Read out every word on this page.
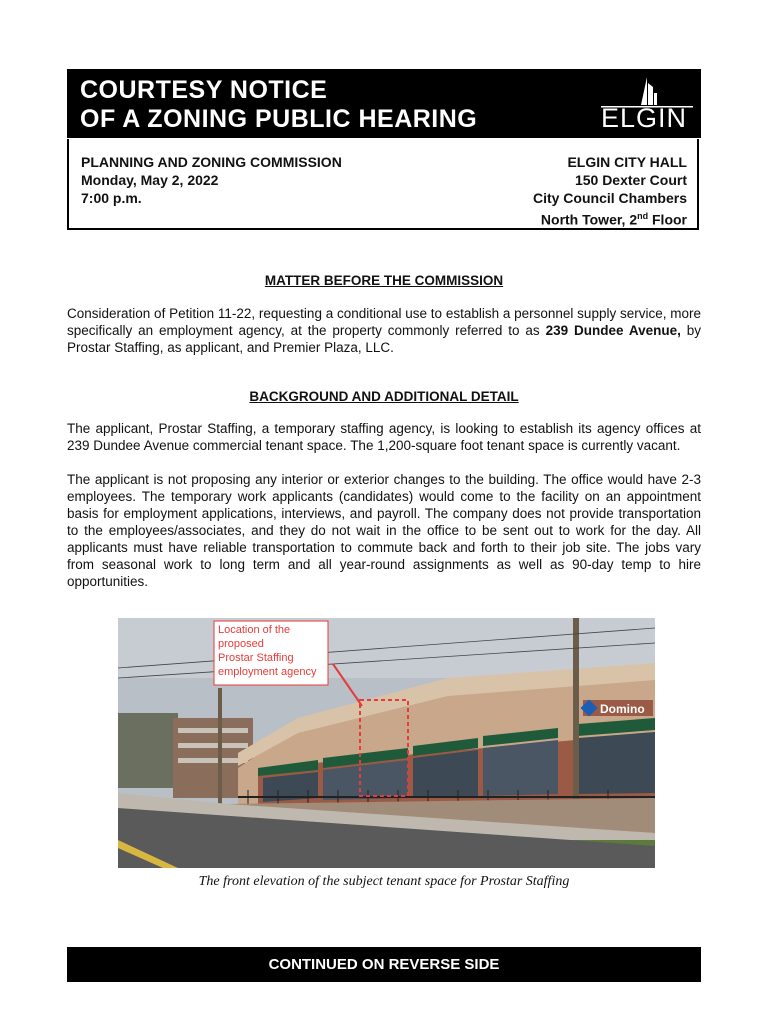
COURTESY NOTICE
OF A ZONING PUBLIC HEARING	ELGIN
PLANNING AND ZONING COMMISSION
Monday, May 2, 2022
7:00 p.m.
ELGIN CITY HALL
150 Dexter Court
City Council Chambers
North Tower, 2nd Floor
MATTER BEFORE THE COMMISSION
Consideration of Petition 11-22, requesting a conditional use to establish a personnel supply service, more specifically an employment agency, at the property commonly referred to as 239 Dundee Avenue, by Prostar Staffing, as applicant, and Premier Plaza, LLC.
BACKGROUND AND ADDITIONAL DETAIL
The applicant, Prostar Staffing, a temporary staffing agency, is looking to establish its agency offices at 239 Dundee Avenue commercial tenant space. The 1,200-square foot tenant space is currently vacant.
The applicant is not proposing any interior or exterior changes to the building. The office would have 2-3 employees. The temporary work applicants (candidates) would come to the facility on an appointment basis for employment applications, interviews, and payroll. The company does not provide transportation to the employees/associates, and they do not wait in the office to be sent out to work for the day. All applicants must have reliable transportation to commute back and forth to their job site. The jobs vary from seasonal work to long term and all year-round assignments as well as 90-day temp to hire opportunities.
Domino
Location of the
proposed
Prostar Staffing
employment agency
The front elevation of the subject tenant space for Prostar Staffing
CONTINUED ON REVERSE SIDE
